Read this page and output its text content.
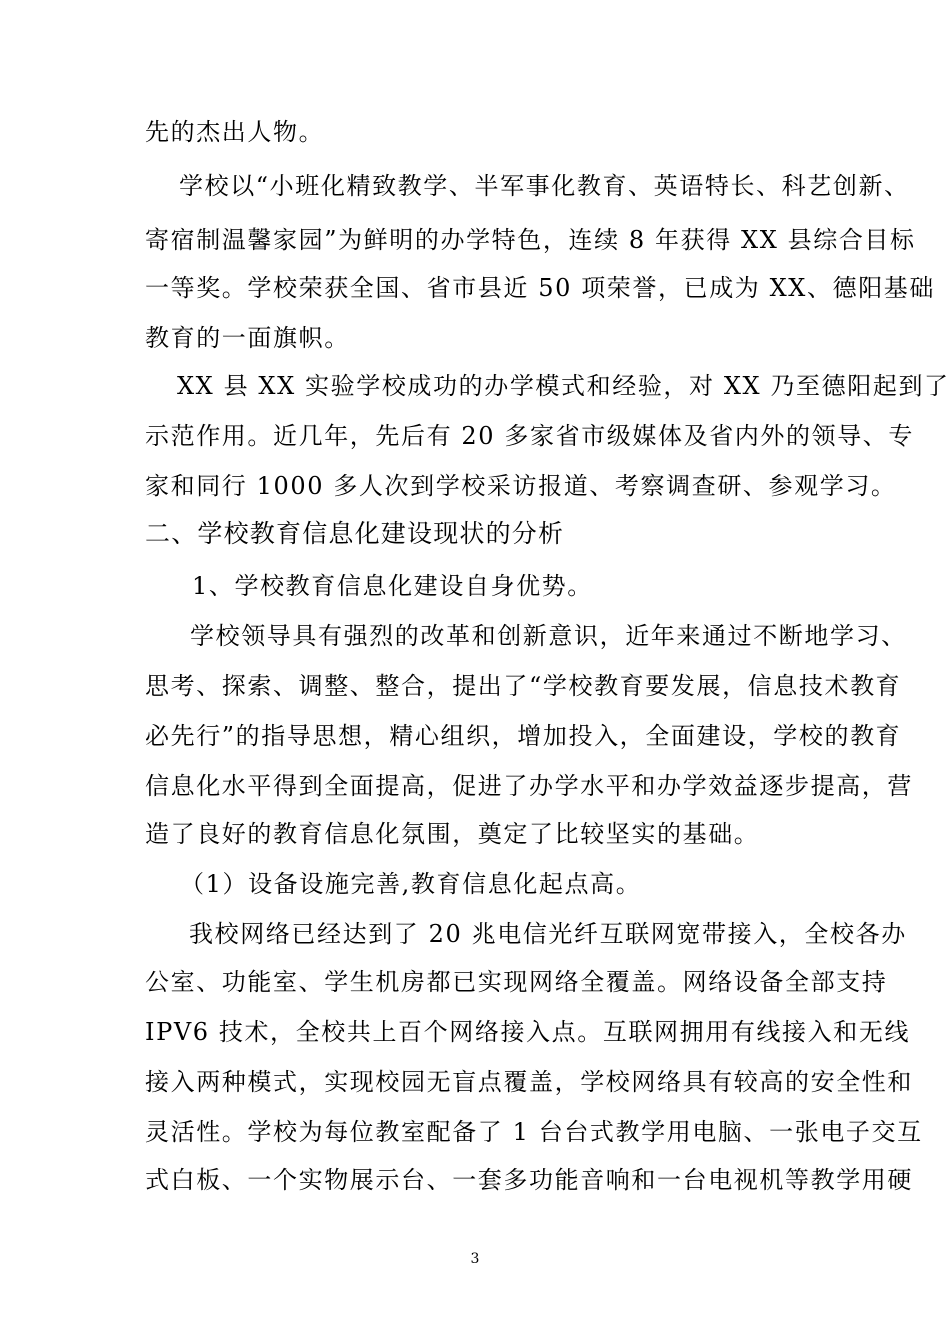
先的杰出人物。
学校以“小班化精致教学、半军事化教育、英语特长、科艺创新、
寄宿制温馨家园”为鲜明的办学特色，连续 8 年获得 XX 县综合目标
一等奖。学校荣获全国、省市县近 50 项荣誉，已成为 XX、德阳基础
教育的一面旗帜。
XX 县 XX 实验学校成功的办学模式和经验，对 XX 乃至德阳起到了
示范作用。近几年，先后有 20 多家省市级媒体及省内外的领导、专
家和同行 1000 多人次到学校采访报道、考察调查研、参观学习。
二、学校教育信息化建设现状的分析
1、学校教育信息化建设自身优势。
学校领导具有强烈的改革和创新意识，近年来通过不断地学习、
思考、探索、调整、整合，提出了“学校教育要发展，信息技术教育
必先行”的指导思想，精心组织，增加投入，全面建设，学校的教育
信息化水平得到全面提高，促进了办学水平和办学效益逐步提高，营
造了良好的教育信息化氛围，奠定了比较坚实的基础。
（1）设备设施完善,教育信息化起点高。
我校网络已经达到了 20 兆电信光纤互联网宽带接入，全校各办
公室、功能室、学生机房都已实现网络全覆盖。网络设备全部支持
IPV6 技术，全校共上百个网络接入点。互联网拥用有线接入和无线
接入两种模式，实现校园无盲点覆盖，学校网络具有较高的安全性和
灵活性。学校为每位教室配备了 1 台台式教学用电脑、一张电子交互
式白板、一个实物展示台、一套多功能音响和一台电视机等教学用硬
3
